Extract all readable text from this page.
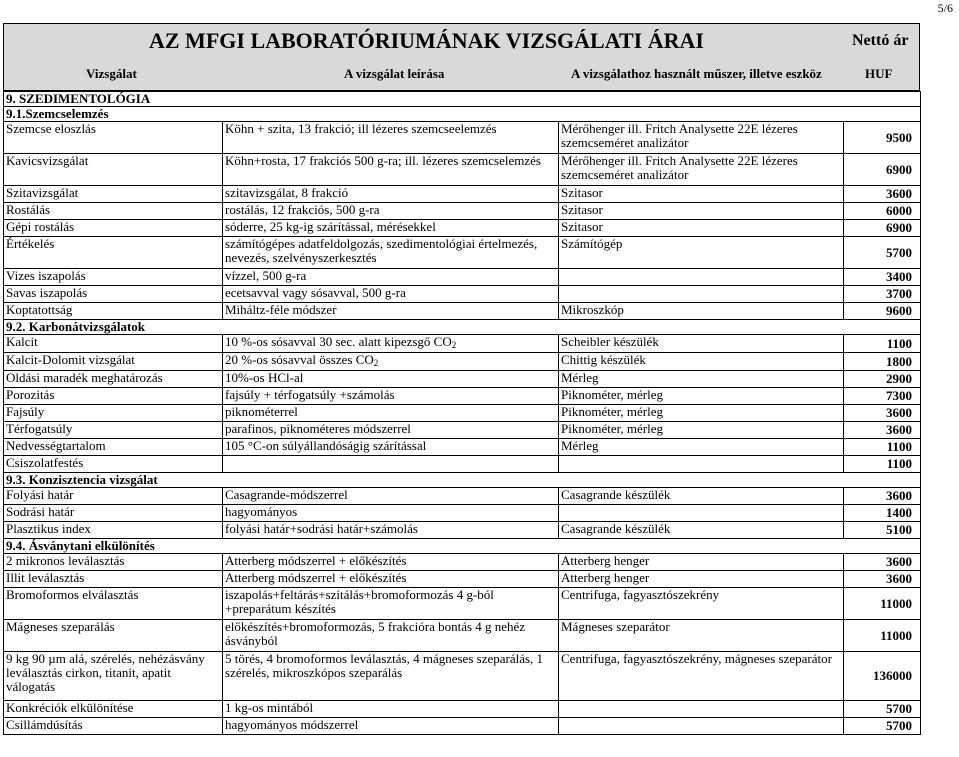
5/6
AZ MFGI LABORATÓRIUMÁNAK VIZSGÁLATI ÁRAI	Nettó ár
Vizsgálat	A vizsgálat leírása	A vizsgálathoz használt műszer, illetve eszköz	HUF
9. SZEDIMENTOLÓGIA			
9.1.Szemcselemzés			
Szemcse eloszlás	Köhn + szita, 13 frakció; ill lézeres szemcseelemzés	Mérőhenger ill. Fritch Analysette 22E lézeres szemcseméret analizátor	9500
Kavicsvizsgálat	Köhn+rosta, 17 frakciós 500 g-ra; ill. lézeres szemcselemzés	Mérőhenger ill. Fritch Analysette 22E lézeres szemcseméret analizátor	6900
Szitavizsgálat	szitavizsgálat, 8 frakció	Szitasor	3600
Rostálás	rostálás, 12 frakciós, 500 g-ra	Szitasor	6000
Gépi rostálás	sóderre, 25 kg-ig szárítással, mérésekkel	Szitasor	6900
Értékelés	számítógépes adatfeldolgozás, szedimentológiai értelmezés, nevezés, szelvényszerkesztés	Számítógép	5700
Vizes iszapolás	vízzel, 500 g-ra		3400
Savas iszapolás	ecetsavval vagy sósavval, 500 g-ra		3700
Koptatottság	Miháltz-féle módszer	Mikroszkóp	9600
9.2. Karbonátvizsgálatok			
Kalcit	10 %-os sósavval 30 sec. alatt kipezsgő $CO_2$	Scheibler készülék	1100
Kalcit-Dolomit vizsgálat	20 %-os sósavval összes $CO_2$	Chittig készülék	1800
Oldási maradék meghatározás	10%-os HCl-al	Mérleg	2900
Porozitás	fajsúly + térfogatsúly +számolás	Piknométer, mérleg	7300
Fajsúly	piknométerrel	Piknométer, mérleg	3600
Térfogatsúly	parafinos, piknométeres módszerrel	Piknométer, mérleg	3600
Nedvességtartalom	105 °C-on súlyállandóságig szárítással	Mérleg	1100
Csiszolatfestés			1100
9.3. Konzisztencia vizsgálat			
Folyási határ	Casagrande-módszerrel	Casagrande készülék	3600
Sodrási határ	hagyományos		1400
Plasztikus index	folyási határ+sodrási határ+számolás	Casagrande készülék	5100
9.4. Ásványtani elkülönítés			
2 mikronos leválasztás	Atterberg módszerrel + előkészítés	Atterberg henger	3600
Illit leválasztás	Atterberg módszerrel + előkészítés	Atterberg henger	3600
Bromoformos elválasztás	iszapolás+feltárás+szitálás+bromoformozás 4 g-ból +preparátum készítés	Centrifuga, fagyasztószekrény	11000
Mágneses szeparálás	előkészítés+bromoformozás, 5 frakcióra bontás 4 g nehéz ásványból	Mágneses szeparátor	11000
9 kg 90 µm alá, szérelés, nehézásvány leválasztás cirkon, titanit, apatit válogatás	5 törés, 4 bromoformos leválasztás, 4 mágneses szeparálás, 1 szérelés, mikroszkópos szeparálás	Centrifuga, fagyasztószekrény, mágneses szeparátor	136000
Konkréciók elkülönítése	1 kg-os mintából		5700
Csillámdúsítás	hagyományos módszerrel		5700
